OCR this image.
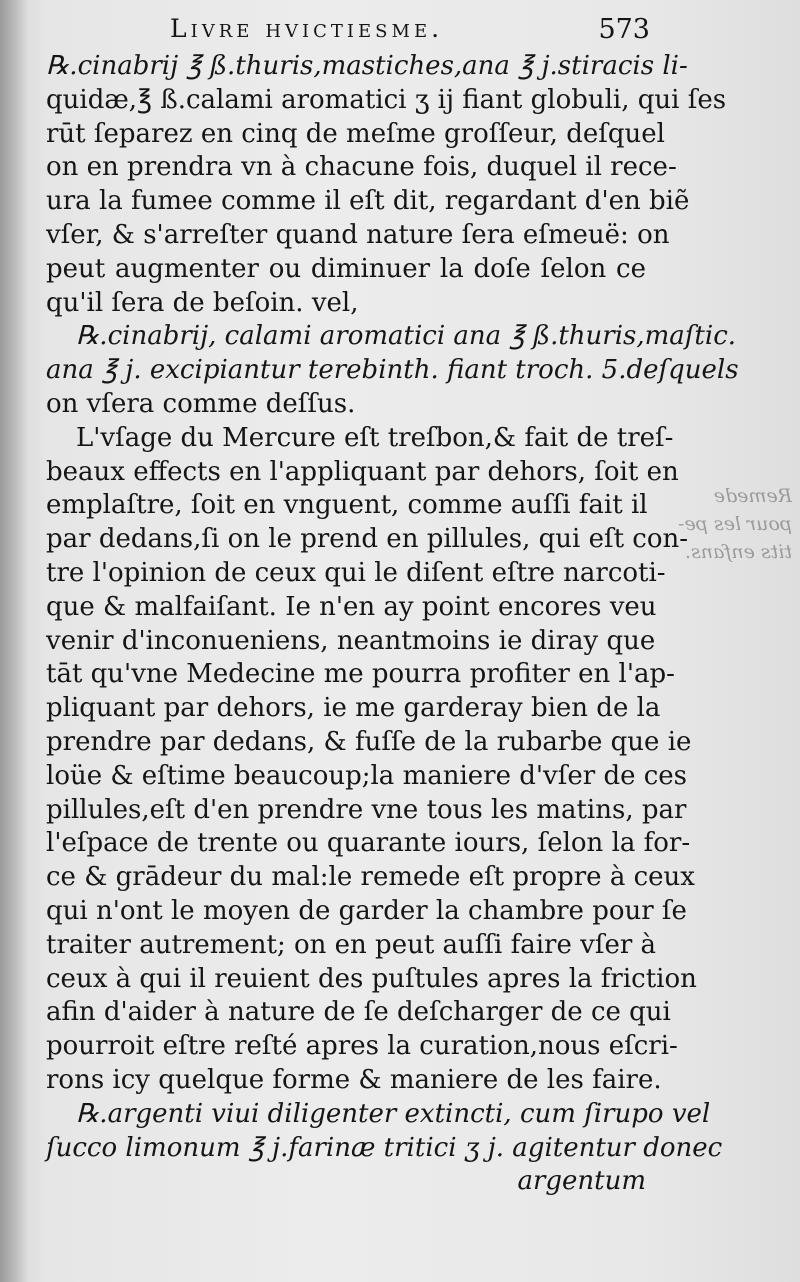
Livre hvictiesme.	573
℞.cinabrij ℥ ß.thuris,mastiches,ana ℥ j.stiracis li-
quidæ,℥ ß.calami aromatici ʒ ij fiant globuli, qui ſes
rūt ſeparez en cinq de meſme groſſeur, deſquel
on en prendra vn à chacune fois, duquel il rece-
ura la fumee comme il eſt dit, regardant d'en biẽ
vſer, & s'arreſter quand nature ſera eſmeuë: on
peut augmenter ou diminuer la doſe ſelon ce
qu'il ſera de beſoin. vel,
℞.cinabrij, calami aromatici ana ℥ ß.thuris,maſtic.
ana ℥ j. excipiantur terebinth. fiant troch. 5.deſquels
on vſera comme deſſus.
L'vſage du Mercure eſt treſbon,& fait de treſ-
beaux effects en l'appliquant par dehors, ſoit en
emplaſtre, ſoit en vnguent, comme auſſi fait il
par dedans,ſi on le prend en pillules, qui eſt con-
tre l'opinion de ceux qui le diſent eſtre narcoti-
que & malfaiſant. Ie n'en ay point encores veu
venir d'inconueniens, neantmoins ie diray que
tāt qu'vne Medecine me pourra profiter en l'ap-
pliquant par dehors, ie me garderay bien de la
prendre par dedans, & fuſſe de la rubarbe que ie
loüe & eſtime beaucoup;la maniere d'vſer de ces
pillules,eſt d'en prendre vne tous les matins, par
l'eſpace de trente ou quarante iours, ſelon la for-
ce & grādeur du mal:le remede eſt propre à ceux
qui n'ont le moyen de garder la chambre pour ſe
traiter autrement; on en peut auſſi faire vſer à
ceux à qui il reuient des puſtules apres la friction
afin d'aider à nature de ſe deſcharger de ce qui
pourroit eſtre reſté apres la curation,nous eſcri-
rons icy quelque forme & maniere de les faire.
℞.argenti viui diligenter extincti, cum ſirupo vel
ſucco limonum ℥ j.farinæ tritici ʒ j. agitentur donec
argentum
Remede
pour les pe-
tits enfans.
